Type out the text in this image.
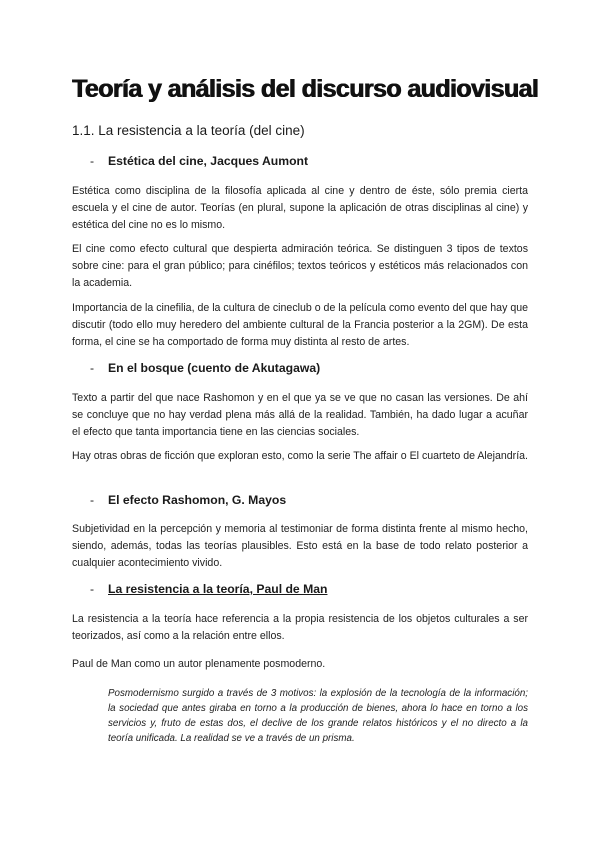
Teoría y análisis del discurso audiovisual
1.1. La resistencia a la teoría (del cine)
- Estética del cine, Jacques Aumont

Estética como disciplina de la filosofía aplicada al cine y dentro de éste, sólo premia cierta escuela y el cine de autor. Teorías (en plural, supone la aplicación de otras disciplinas al cine) y estética del cine no es lo mismo.

El cine como efecto cultural que despierta admiración teórica. Se distinguen 3 tipos de textos sobre cine: para el gran público; para cinéfilos; textos teóricos y estéticos más relacionados con la academia.

Importancia de la cinefilia, de la cultura de cineclub o de la película como evento del que hay que discutir (todo ello muy heredero del ambiente cultural de la Francia posterior a la 2GM). De esta forma, el cine se ha comportado de forma muy distinta al resto de artes.

- En el bosque (cuento de Akutagawa)

Texto a partir del que nace Rashomon y en el que ya se ve que no casan las versiones. De ahí se concluye que no hay verdad plena más allá de la realidad. También, ha dado lugar a acuñar el efecto que tanta importancia tiene en las ciencias sociales.

Hay otras obras de ficción que exploran esto, como la serie The affair o El cuarteto de Alejandría.

- El efecto Rashomon, G. Mayos

Subjetividad en la percepción y memoria al testimoniar de forma distinta frente al mismo hecho, siendo, además, todas las teorías plausibles. Esto está en la base de todo relato posterior a cualquier acontecimiento vivido.

- La resistencia a la teoría, Paul de Man

La resistencia a la teoría hace referencia a la propia resistencia de los objetos culturales a ser teorizados, así como a la relación entre ellos.

Paul de Man como un autor plenamente posmoderno.

Posmodernismo surgido a través de 3 motivos: la explosión de la tecnología de la información; la sociedad que antes giraba en torno a la producción de bienes, ahora lo hace en torno a los servicios y, fruto de estas dos, el declive de los grande relatos históricos y el no directo a la teoría unificada. La realidad se ve a través de un prisma.
